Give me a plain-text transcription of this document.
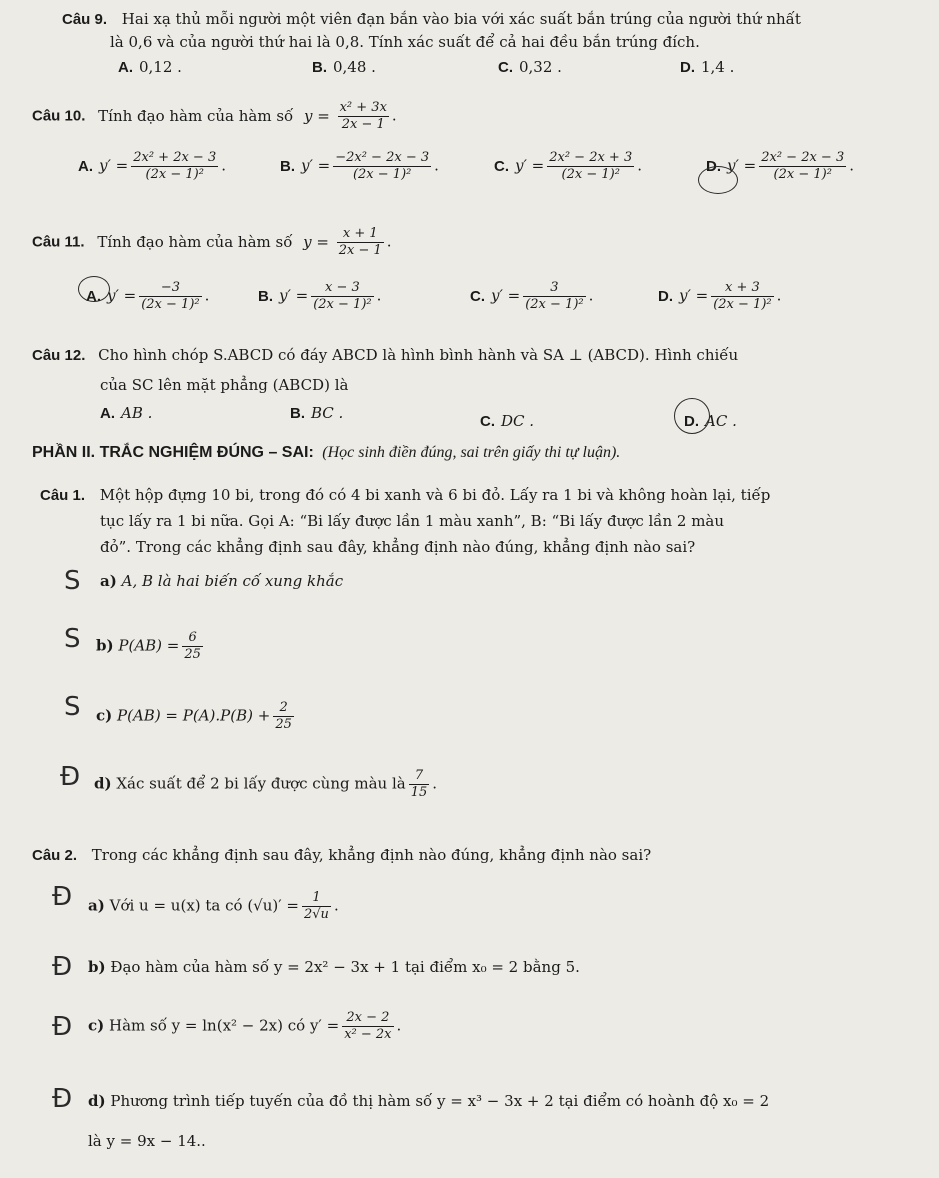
Câu 9. Hai xạ thủ mỗi người một viên đạn bắn vào bia với xác suất bắn trúng của người thứ nhất
là 0,6 và của người thứ hai là 0,8. Tính xác suất để cả hai đều bắn trúng đích.
A. 0,12 .	B. 0,48 .	C. 0,32 .	D. 1,4 .
Câu 10. Tính đạo hàm của hàm số $y = \frac{\text{x² + 3x}}{2x - 1}$ .
A. $y' = \frac{\text{2x² + 2x − 3}}{\text{(2x − 1)²}}$ .	B. $y' = \frac{\text{−2x² − 2x − 3}}{\text{(2x − 1)²}}$ .	C. $y' = \frac{\text{2x² − 2x + 3}}{\text{(2x − 1)²}}$ .	D. $y' = \frac{\text{2x² − 2x − 3}}{\text{(2x − 1)²}}$ .
Câu 11. Tính đạo hàm của hàm số $y = \frac{x + 1}{2x - 1}$ .
A. $y' = \frac{-3}{\text{(2x − 1)²}}$ .	B. $y' = \frac{x - 3}{\text{(2x − 1)²}}$ .	C. $y' = \frac{3}{\text{(2x − 1)²}}$ .	D. $y' = \frac{x + 3}{\text{(2x − 1)²}}$ .
Câu 12. Cho hình chóp S.ABCD có đáy ABCD là hình bình hành và SA ⊥ (ABCD). Hình chiếu
của SC lên mặt phẳng (ABCD) là
A. AB .	B. BC .	C. DC .	D. AC .
PHẦN II. TRẮC NGHIỆM ĐÚNG – SAI: (Học sinh điền đúng, sai trên giấy thi tự luận).
Câu 1. Một hộp đựng 10 bi, trong đó có 4 bi xanh và 6 bi đỏ. Lấy ra 1 bi và không hoàn lại, tiếp
tục lấy ra 1 bi nữa. Gọi A: “Bi lấy được lần 1 màu xanh”, B: “Bi lấy được lần 2 màu
đỏ”. Trong các khẳng định sau đây, khẳng định nào đúng, khẳng định nào sai?
S a) A, B là hai biến cố xung khắc
S b) $P(AB) = \frac{6}{25}$
S c) $P(AB) = P(A).P(B) + \frac{2}{25}$
Đ d) Xác suất để 2 bi lấy được cùng màu là $\frac{7}{15}$ .
Câu 2. Trong các khẳng định sau đây, khẳng định nào đúng, khẳng định nào sai?
Đ a) Với u = u(x) ta có $(√u)' = \frac{1}{2√u}$ .
Đ b) Đạo hàm của hàm số y = 2x² − 3x + 1 tại điểm x₀ = 2 bằng 5.
Đ c) Hàm số y = ln(x² − 2x) có $y' = \frac{2x - 2}{\text{x² − 2x}}$ .
Đ d) Phương trình tiếp tuyến của đồ thị hàm số y = x³ − 3x + 2 tại điểm có hoành độ x₀ = 2
là y = 9x − 14..
